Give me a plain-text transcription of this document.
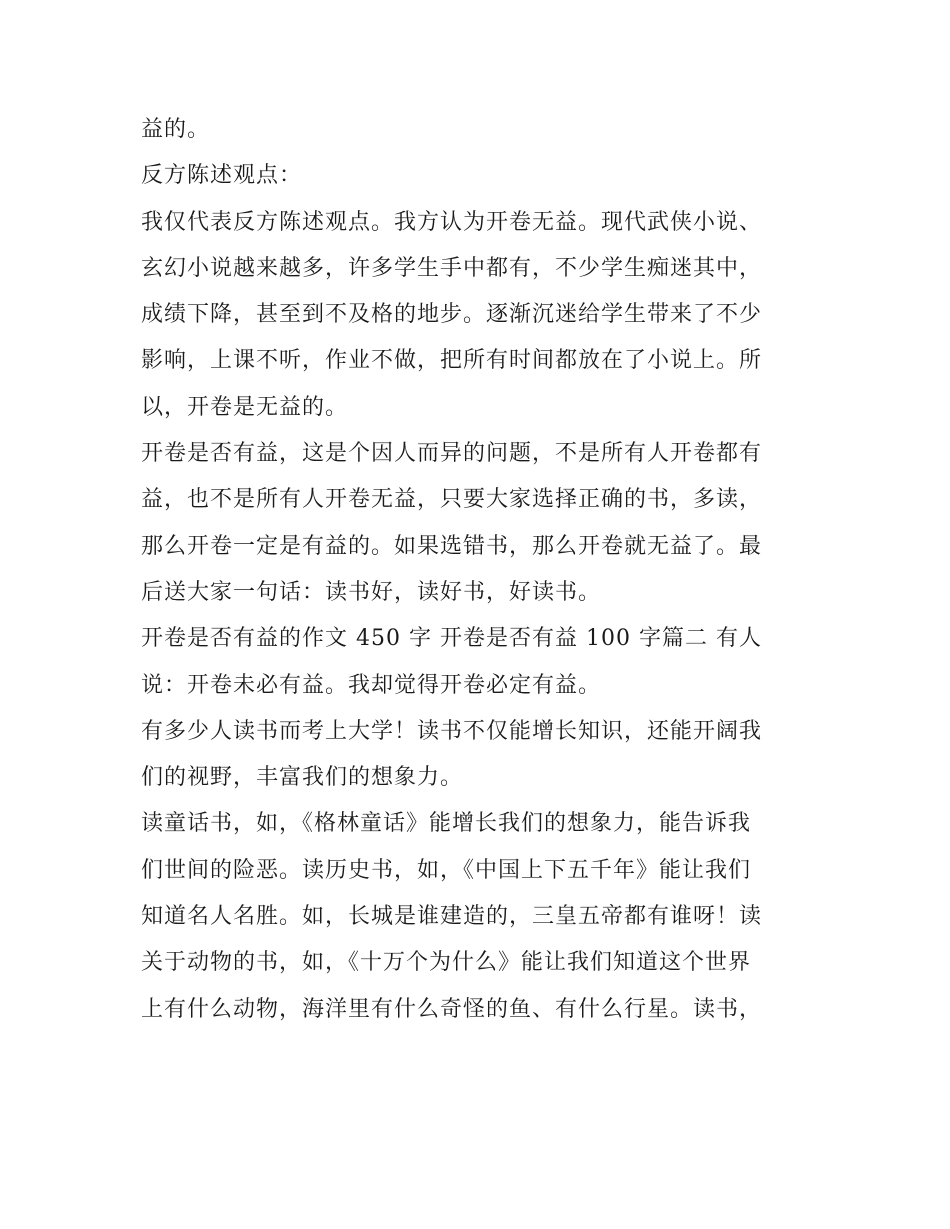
益的。
反方陈述观点：
我仅代表反方陈述观点。我方认为开卷无益。现代武侠小说、
玄幻小说越来越多，许多学生手中都有，不少学生痴迷其中，
成绩下降，甚至到不及格的地步。逐渐沉迷给学生带来了不少
影响，上课不听，作业不做，把所有时间都放在了小说上。所
以，开卷是无益的。
开卷是否有益，这是个因人而异的问题，不是所有人开卷都有
益，也不是所有人开卷无益，只要大家选择正确的书，多读，
那么开卷一定是有益的。如果选错书，那么开卷就无益了。最
后送大家一句话：读书好，读好书，好读书。
开卷是否有益的作文 450 字 开卷是否有益 100 字篇二 有人
说：开卷未必有益。我却觉得开卷必定有益。
有多少人读书而考上大学！读书不仅能增长知识，还能开阔我
们的视野，丰富我们的想象力。
读童话书，如，《格林童话》能增长我们的想象力，能告诉我
们世间的险恶。读历史书，如，《中国上下五千年》能让我们
知道名人名胜。如，长城是谁建造的，三皇五帝都有谁呀！读
关于动物的书，如，《十万个为什么》能让我们知道这个世界
上有什么动物，海洋里有什么奇怪的鱼、有什么行星。读书，
